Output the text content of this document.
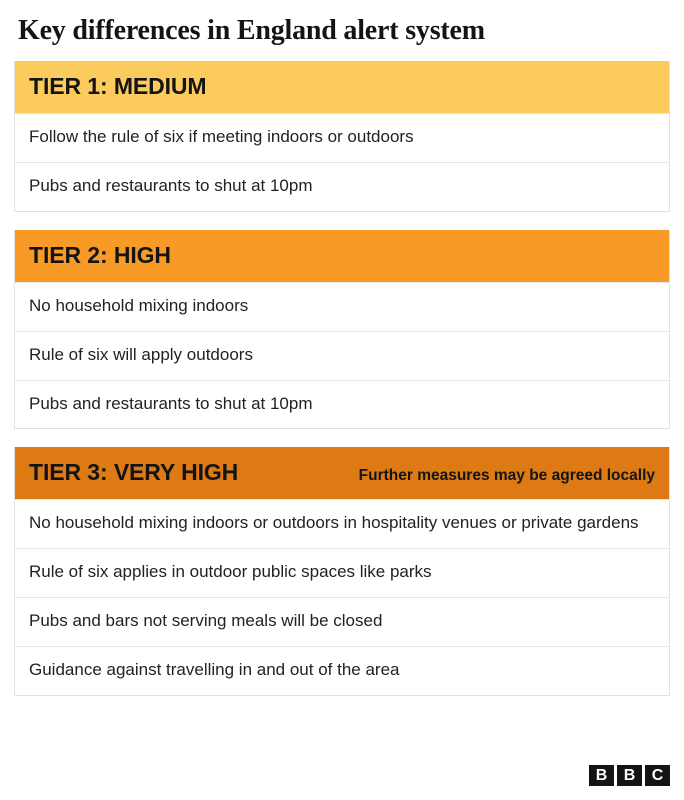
Key differences in England alert system
TIER 1: MEDIUM
Follow the rule of six if meeting indoors or outdoors
Pubs and restaurants to shut at 10pm
TIER 2: HIGH
No household mixing indoors
Rule of six will apply outdoors
Pubs and restaurants to shut at 10pm
TIER 3: VERY HIGH	Further measures may be agreed locally
No household mixing indoors or outdoors in hospitality venues or private gardens
Rule of six applies in outdoor public spaces like parks
Pubs and bars not serving meals will be closed
Guidance against travelling in and out of the area
B	B	C
